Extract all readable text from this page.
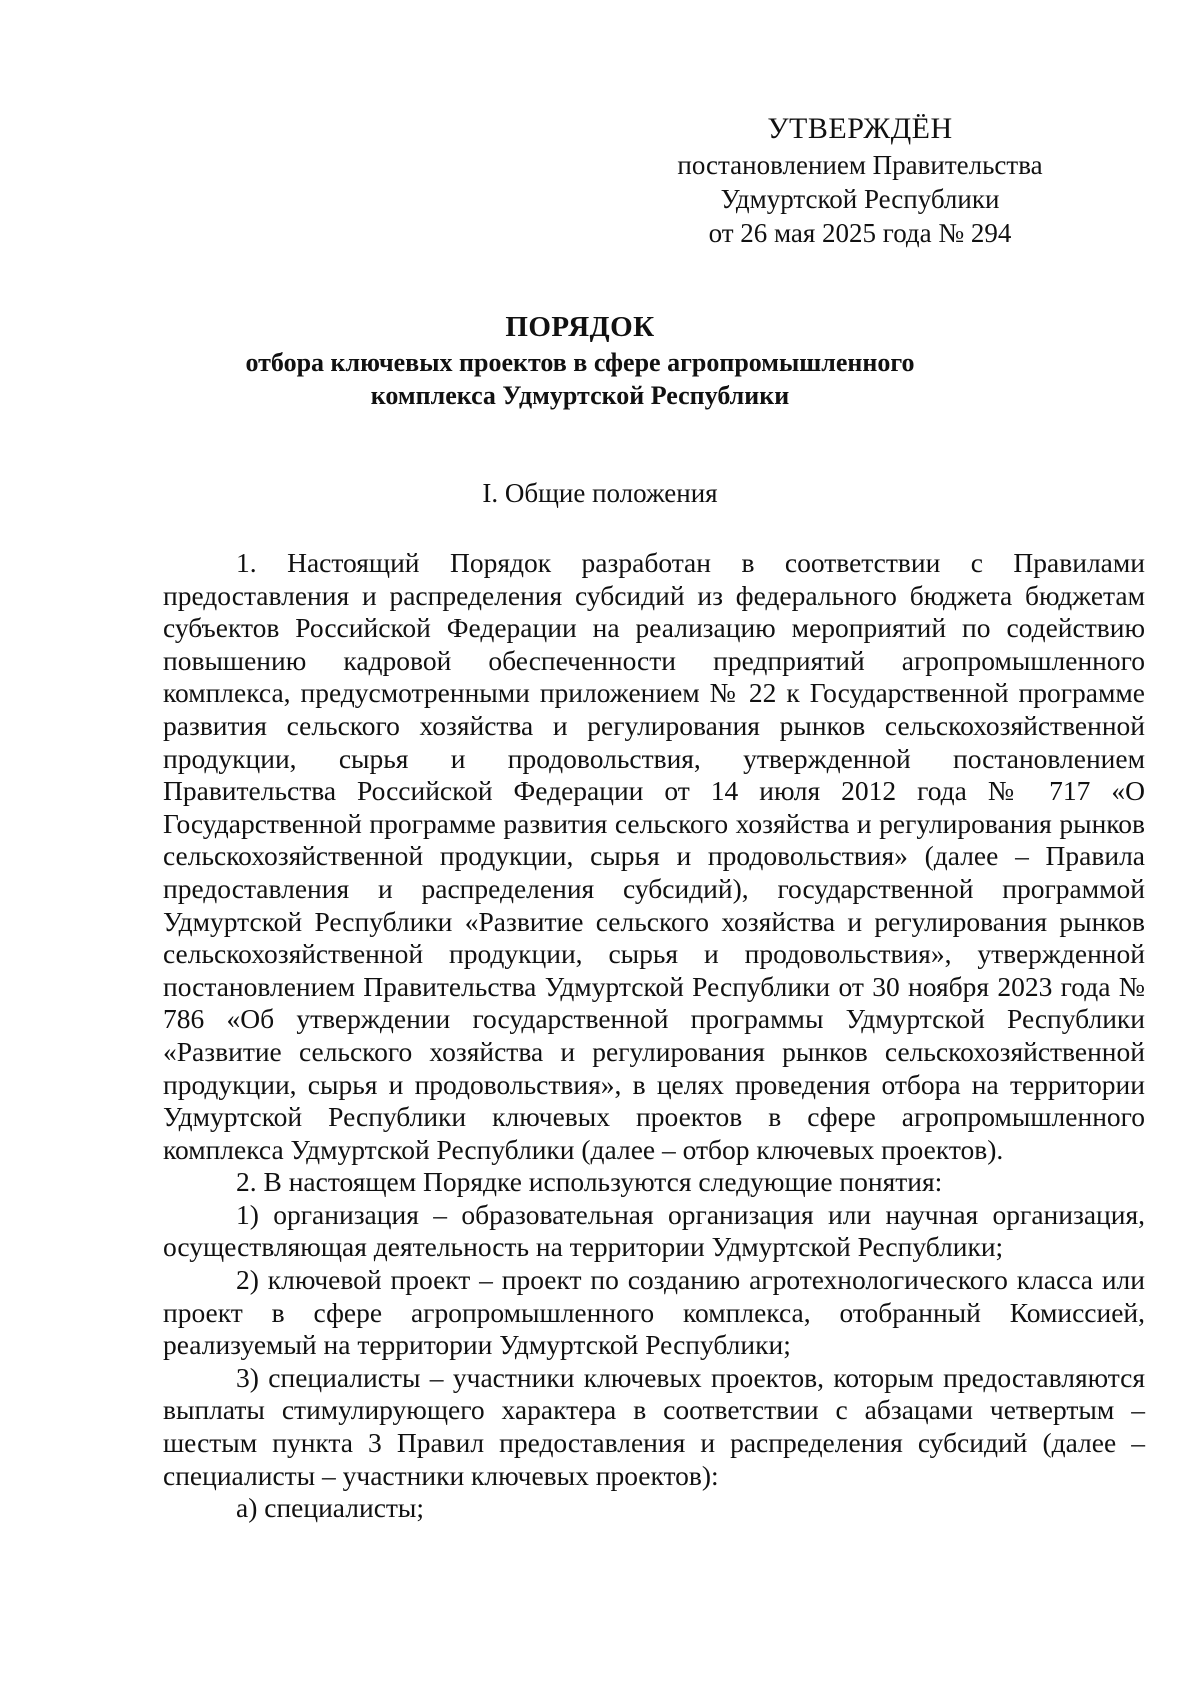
УТВЕРЖДЁН
постановлением Правительства
Удмуртской Республики
от 26 мая 2025 года № 294
ПОРЯДОК
отбора ключевых проектов в сфере агропромышленного
комплекса Удмуртской Республики
I. Общие положения

1. Настоящий Порядок разработан в соответствии с Правилами предоставления и распределения субсидий из федерального бюджета бюджетам субъектов Российской Федерации на реализацию мероприятий по содействию повышению кадровой обеспеченности предприятий агропромышленного комплекса, предусмотренными приложением № 22 к Государственной программе развития сельского хозяйства и регулирования рынков сельскохозяйственной продукции, сырья и продовольствия, утвержденной постановлением Правительства Российской Федерации от 14 июля 2012 года № 717 «О Государственной программе развития сельского хозяйства и регулирования рынков сельскохозяйственной продукции, сырья и продовольствия» (далее – Правила предоставления и распределения субсидий), государственной программой Удмуртской Республики «Развитие сельского хозяйства и регулирования рынков сельскохозяйственной продукции, сырья и продовольствия», утвержденной постановлением Правительства Удмуртской Республики от 30 ноября 2023 года № 786 «Об утверждении государственной программы Удмуртской Республики «Развитие сельского хозяйства и регулирования рынков сельскохозяйственной продукции, сырья и продовольствия», в целях проведения отбора на территории Удмуртской Республики ключевых проектов в сфере агропромышленного комплекса Удмуртской Республики (далее – отбор ключевых проектов).

2. В настоящем Порядке используются следующие понятия:

1) организация – образовательная организация или научная организация, осуществляющая деятельность на территории Удмуртской Республики;

2) ключевой проект – проект по созданию агротехнологического класса или проект в сфере агропромышленного комплекса, отобранный Комиссией, реализуемый на территории Удмуртской Республики;

3) специалисты – участники ключевых проектов, которым предоставляются выплаты стимулирующего характера в соответствии с абзацами четвертым – шестым пункта 3 Правил предоставления и распределения субсидий (далее – специалисты – участники ключевых проектов):

а) специалисты;
